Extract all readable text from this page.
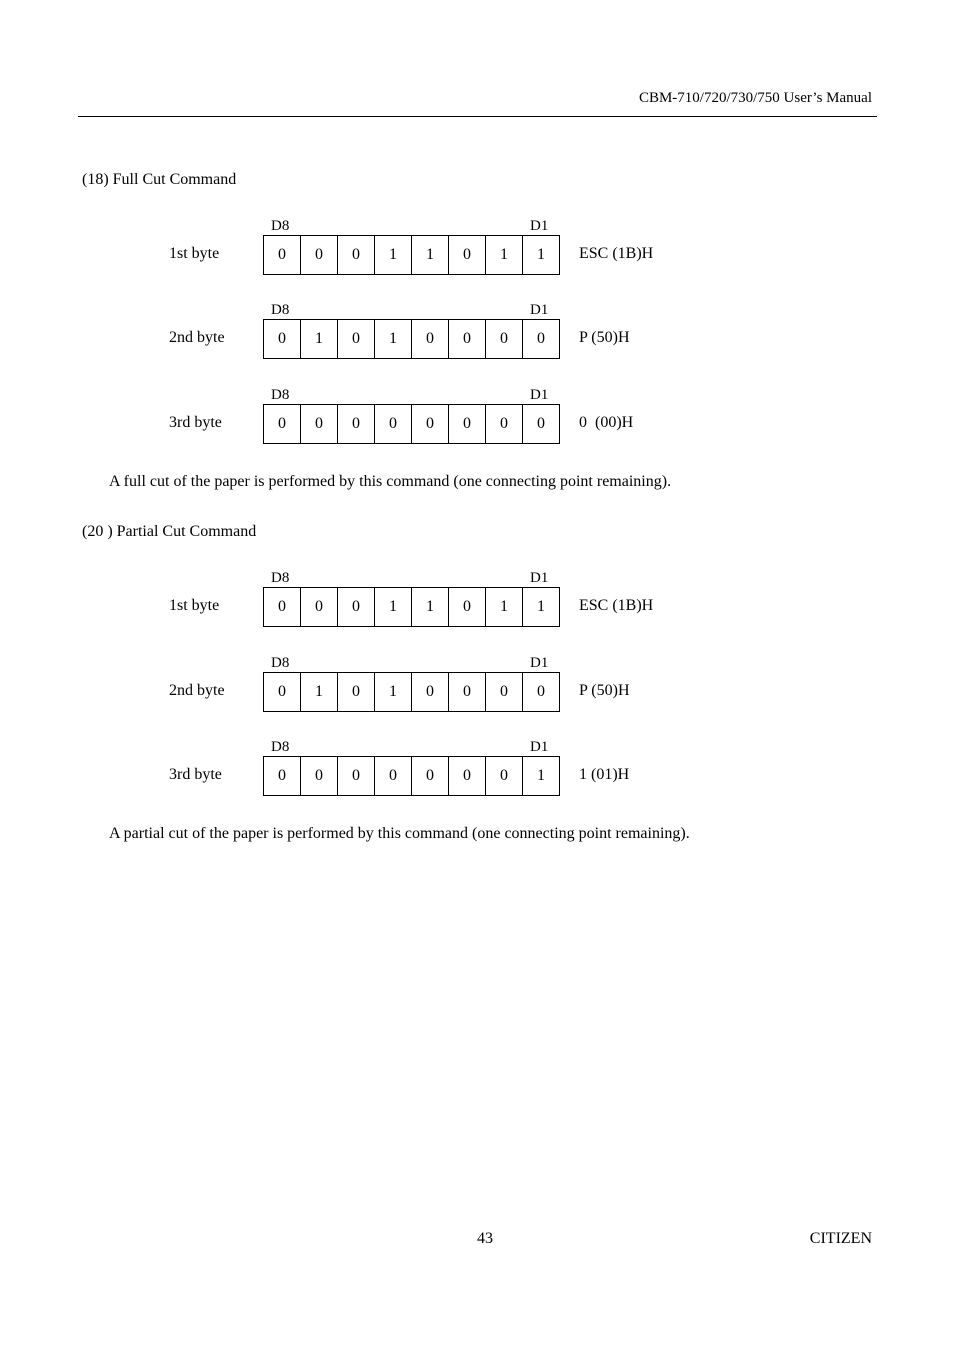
CBM-710/720/730/750 User’s Manual
(18) Full Cut Command
D8	D1
1st byte	0	0	0	1	1	0	1	1	ESC (1B)H
D8	D1
2nd byte	0	1	0	1	0	0	0	0	P (50)H
D8	D1
3rd byte	0	0	0	0	0	0	0	0	0  (00)H
A full cut of the paper is performed by this command (one connecting point remaining).
(20 ) Partial Cut Command
D8	D1
1st byte	0	0	0	1	1	0	1	1	ESC (1B)H
D8	D1
2nd byte	0	1	0	1	0	0	0	0	P (50)H
D8	D1
3rd byte	0	0	0	0	0	0	0	1	1 (01)H
A partial cut of the paper is performed by this command (one connecting point remaining).
43	CITIZEN
